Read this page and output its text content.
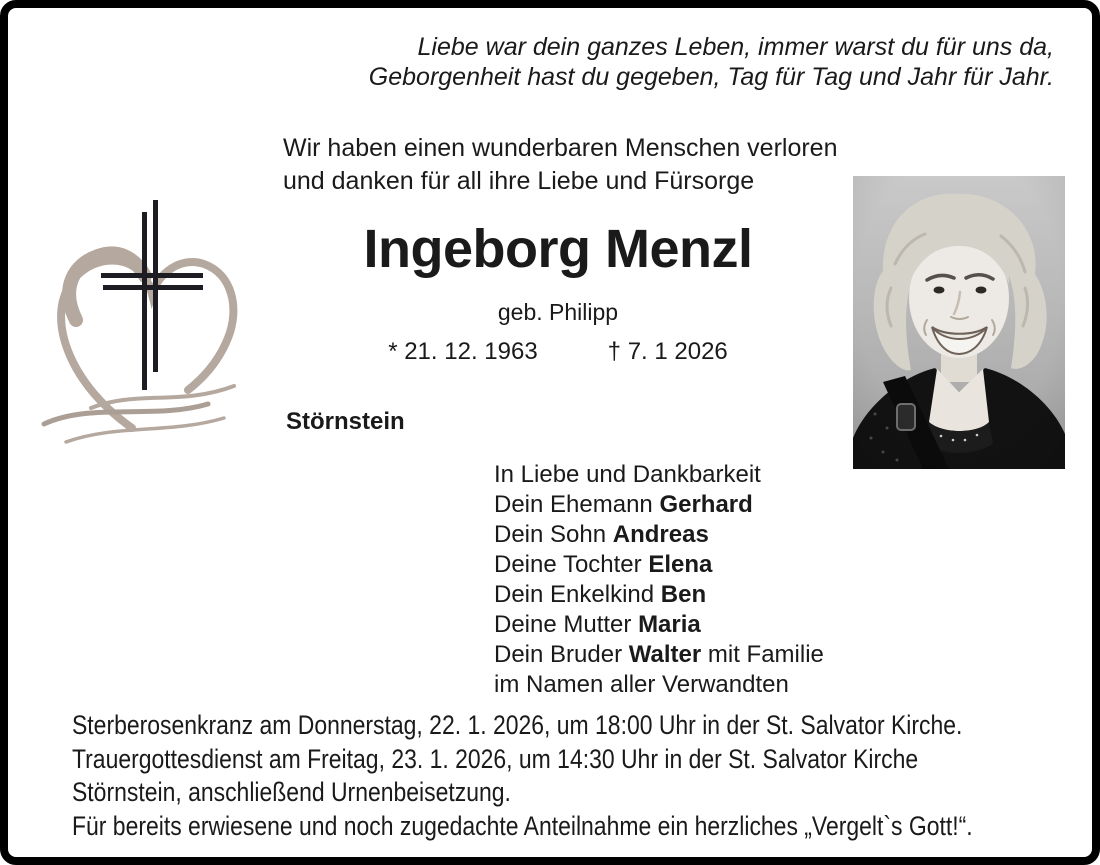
Liebe war dein ganzes Leben, immer warst du für uns da,
Geborgenheit hast du gegeben, Tag für Tag und Jahr für Jahr.
Wir haben einen wunderbaren Menschen verloren
und danken für all ihre Liebe und Fürsorge
Ingeborg Menzl
geb. Philipp
* 21. 12. 1963	† 7. 1 2026
Störnstein
In Liebe und Dankbarkeit
Dein Ehemann Gerhard
Dein Sohn Andreas
Deine Tochter Elena
Dein Enkelkind Ben
Deine Mutter Maria
Dein Bruder Walter mit Familie
im Namen aller Verwandten
Sterberosenkranz am Donnerstag, 22. 1. 2026, um 18:00 Uhr in der St. Salvator Kirche.
Trauergottesdienst am Freitag, 23. 1. 2026, um 14:30 Uhr in der St. Salvator Kirche
Störnstein, anschließend Urnenbeisetzung.
Für bereits erwiesene und noch zugedachte Anteilnahme ein herzliches „Vergelt`s Gott!“.
